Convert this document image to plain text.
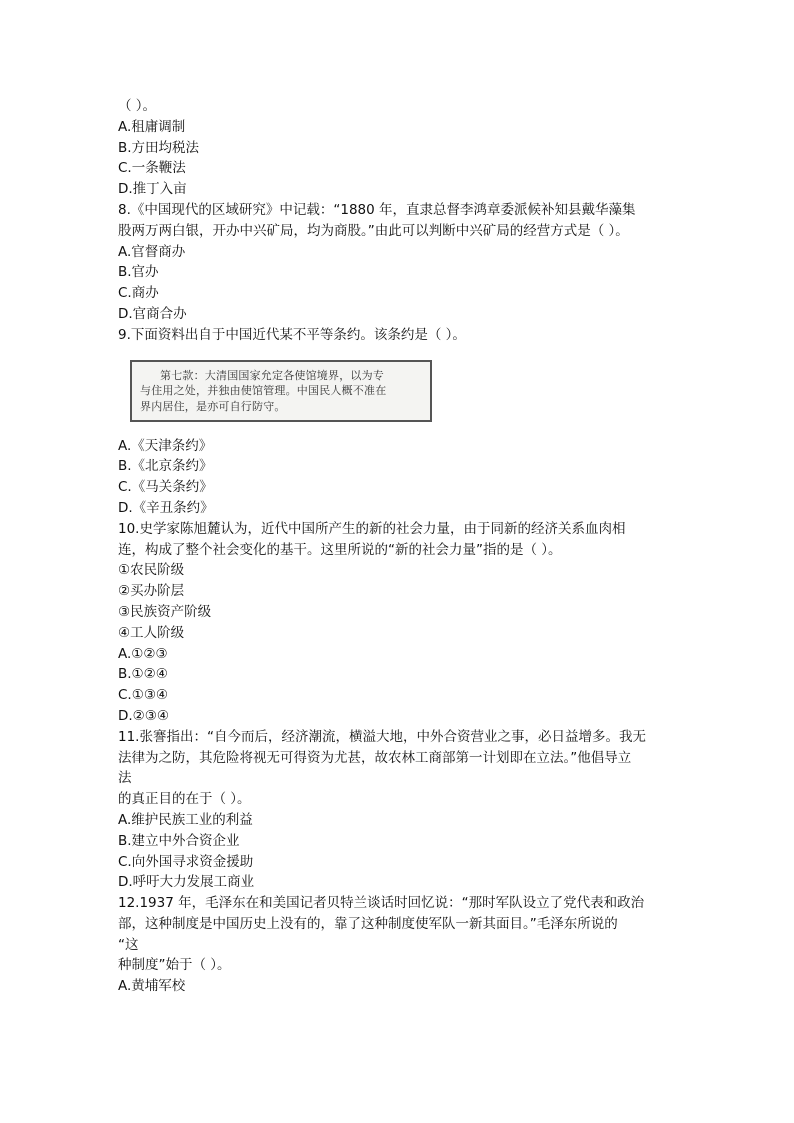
（ ）。
A.租庸调制
B.方田均税法
C.一条鞭法
D.推丁入亩
8.《中国现代的区域研究》中记载：“1880 年，直隶总督李鸿章委派候补知县戴华藻集
股两万两白银，开办中兴矿局，均为商股。”由此可以判断中兴矿局的经营方式是（ ）。
A.官督商办
B.官办
C.商办
D.官商合办
9.下面资料出自于中国近代某不平等条约。该条约是（ ）。
第七款：大清国国家允定各使馆境界，以为专
与住用之处，并独由使馆管理。中国民人概不准在
界内居住，是亦可自行防守。
A.《天津条约》
B.《北京条约》
C.《马关条约》
D.《辛丑条约》
10.史学家陈旭麓认为，近代中国所产生的新的社会力量，由于同新的经济关系血肉相
连，构成了整个社会变化的基干。这里所说的“新的社会力量”指的是（ ）。
①农民阶级
②买办阶层
③民族资产阶级
④工人阶级
A.①②③
B.①②④
C.①③④
D.②③④
11.张謇指出：“自今而后，经济潮流，横溢大地，中外合资营业之事，必日益增多。我无
法律为之防，其危险将视无可得资为尤甚，故农林工商部第一计划即在立法。”他倡导立
法
的真正目的在于（ ）。
A.维护民族工业的利益
B.建立中外合资企业
C.向外国寻求资金援助
D.呼吁大力发展工商业
12.1937 年，毛泽东在和美国记者贝特兰谈话时回忆说：“那时军队设立了党代表和政治
部，这种制度是中国历史上没有的，靠了这种制度使军队一新其面目。”毛泽东所说的
“这
种制度”始于（ ）。
A.黄埔军校
